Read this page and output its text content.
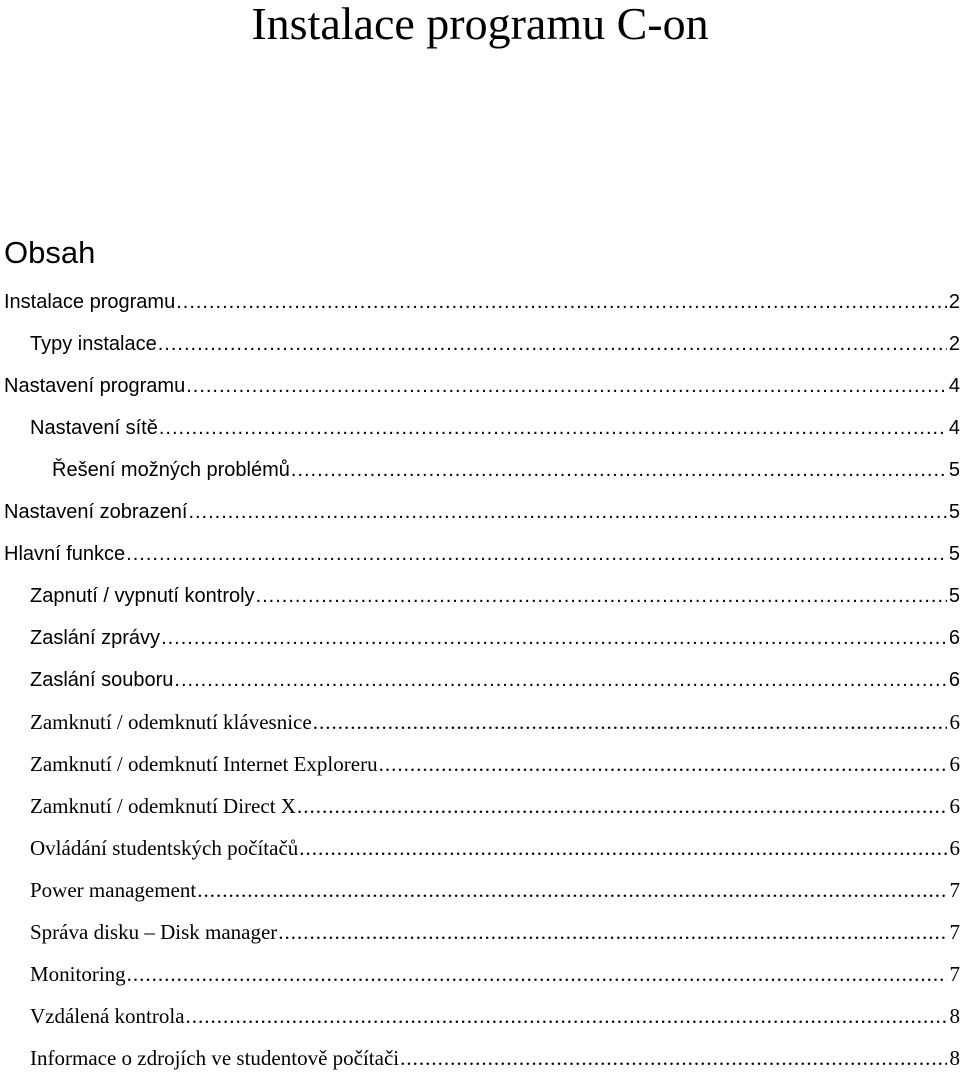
Instalace programu C-on
Obsah
Instalace programu .....	2
Typy instalace .....	2
Nastavení programu .....	4
Nastavení sítě .....	4
Řešení možných problémů .....	5
Nastavení zobrazení .....	5
Hlavní funkce .....	5
Zapnutí / vypnutí kontroly .....	5
Zaslání zprávy .....	6
Zaslání souboru .....	6
Zamknutí / odemknutí klávesnice .....	6
Zamknutí / odemknutí Internet Exploreru .....	6
Zamknutí / odemknutí Direct X .....	6
Ovládání studentských počítačů .....	6
Power management .....	7
Správa disku – Disk manager .....	7
Monitoring .....	7
Vzdálená kontrola .....	8
Informace o zdrojích ve studentově počítači .....	8
